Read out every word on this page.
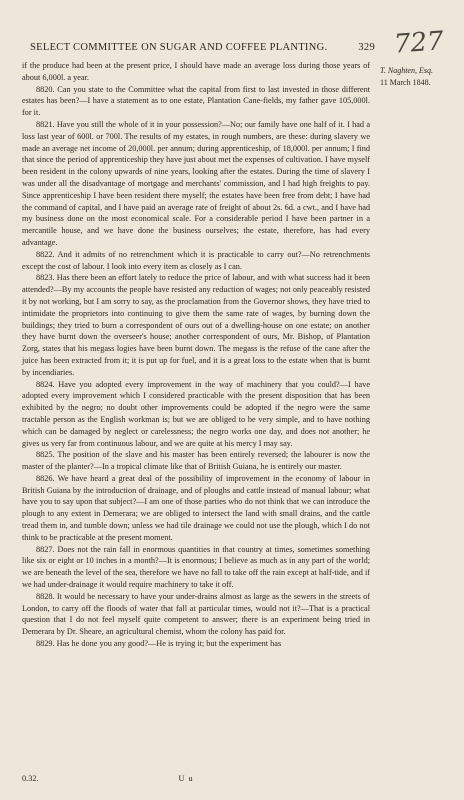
SELECT COMMITTEE ON SUGAR AND COFFEE PLANTING.	329 727
T. Naghten, Esq.
11 March 1848.

if the produce had been at the present price, I should have made an average loss during those years of about 6,000l. a year.

8820. Can you state to the Committee what the capital from first to last invested in those different estates has been?—I have a statement as to one estate, Plantation Cane-fields, my father gave 105,000l. for it.

8821. Have you still the whole of it in your possession?—No; our family have one half of it. I had a loss last year of 600l. or 700l. The results of my estates, in rough numbers, are these: during slavery we made an average net income of 20,000l. per annum; during apprenticeship, of 18,000l. per annum; I find that since the period of apprenticeship they have just about met the expenses of cultivation. I have myself been resident in the colony upwards of nine years, looking after the estates. During the time of slavery I was under all the disadvantage of mortgage and merchants' commission, and I had high freights to pay. Since apprenticeship I have been resident there myself; the estates have been free from debt; I have had the command of capital, and I have paid an average rate of freight of about 2s. 6d. a cwt., and I have had my business done on the most economical scale. For a considerable period I have been partner in a mercantile house, and we have done the business ourselves; the estate, therefore, has had every advantage.

8822. And it admits of no retrenchment which it is practicable to carry out?—No retrenchments except the cost of labour. I look into every item as closely as I can.

8823. Has there been an effort lately to reduce the price of labour, and with what success had it been attended?—By my accounts the people have resisted any reduction of wages; not only peaceably resisted it by not working, but I am sorry to say, as the proclamation from the Governor shows, they have tried to intimidate the proprietors into continuing to give them the same rate of wages, by burning down the buildings; they tried to burn a correspondent of ours out of a dwelling-house on one estate; on another they have burnt down the overseer's house; another correspondent of ours, Mr. Bishop, of Plantation Zorg, states that his megass logies have been burnt down. The megass is the refuse of the cane after the juice has been extracted from it; it is put up for fuel, and it is a great loss to the estate when that is burnt by incendiaries.

8824. Have you adopted every improvement in the way of machinery that you could?—I have adopted every improvement which I considered practicable with the present disposition that has been exhibited by the negro; no doubt other improvements could be adopted if the negro were the same tractable person as the English workman is; but we are obliged to be very simple, and to have nothing which can be damaged by neglect or carelessness; the negro works one day, and does not another; he gives us very far from continuous labour, and we are quite at his mercy I may say.

8825. The position of the slave and his master has been entirely reversed; the labourer is now the master of the planter?—In a tropical climate like that of British Guiana, he is entirely our master.

8826. We have heard a great deal of the possibility of improvement in the economy of labour in British Guiana by the introduction of drainage, and of ploughs and cattle instead of manual labour; what have you to say upon that subject?—I am one of those parties who do not think that we can introduce the plough to any extent in Demerara; we are obliged to intersect the land with small drains, and the cattle tread them in, and tumble down; unless we had tile drainage we could not use the plough, which I do not think to be practicable at the present moment.

8827. Does not the rain fall in enormous quantities in that country at times, sometimes something like six or eight or 10 inches in a month?—It is enormous; I believe as much as in any part of the world; we are beneath the level of the sea, therefore we have no fall to take off the rain except at half-tide, and if we had under-drainage it would require machinery to take it off.

8828. It would be necessary to have your under-drains almost as large as the sewers in the streets of London, to carry off the floods of water that fall at particular times, would not it?—That is a practical question that I do not feel myself quite competent to answer; there is an experiment being tried in Demerara by Dr. Sheare, an agricultural chemist, whom the colony has paid for.

8829. Has he done you any good?—He is trying it; but the experiment has

0.32.	U u
